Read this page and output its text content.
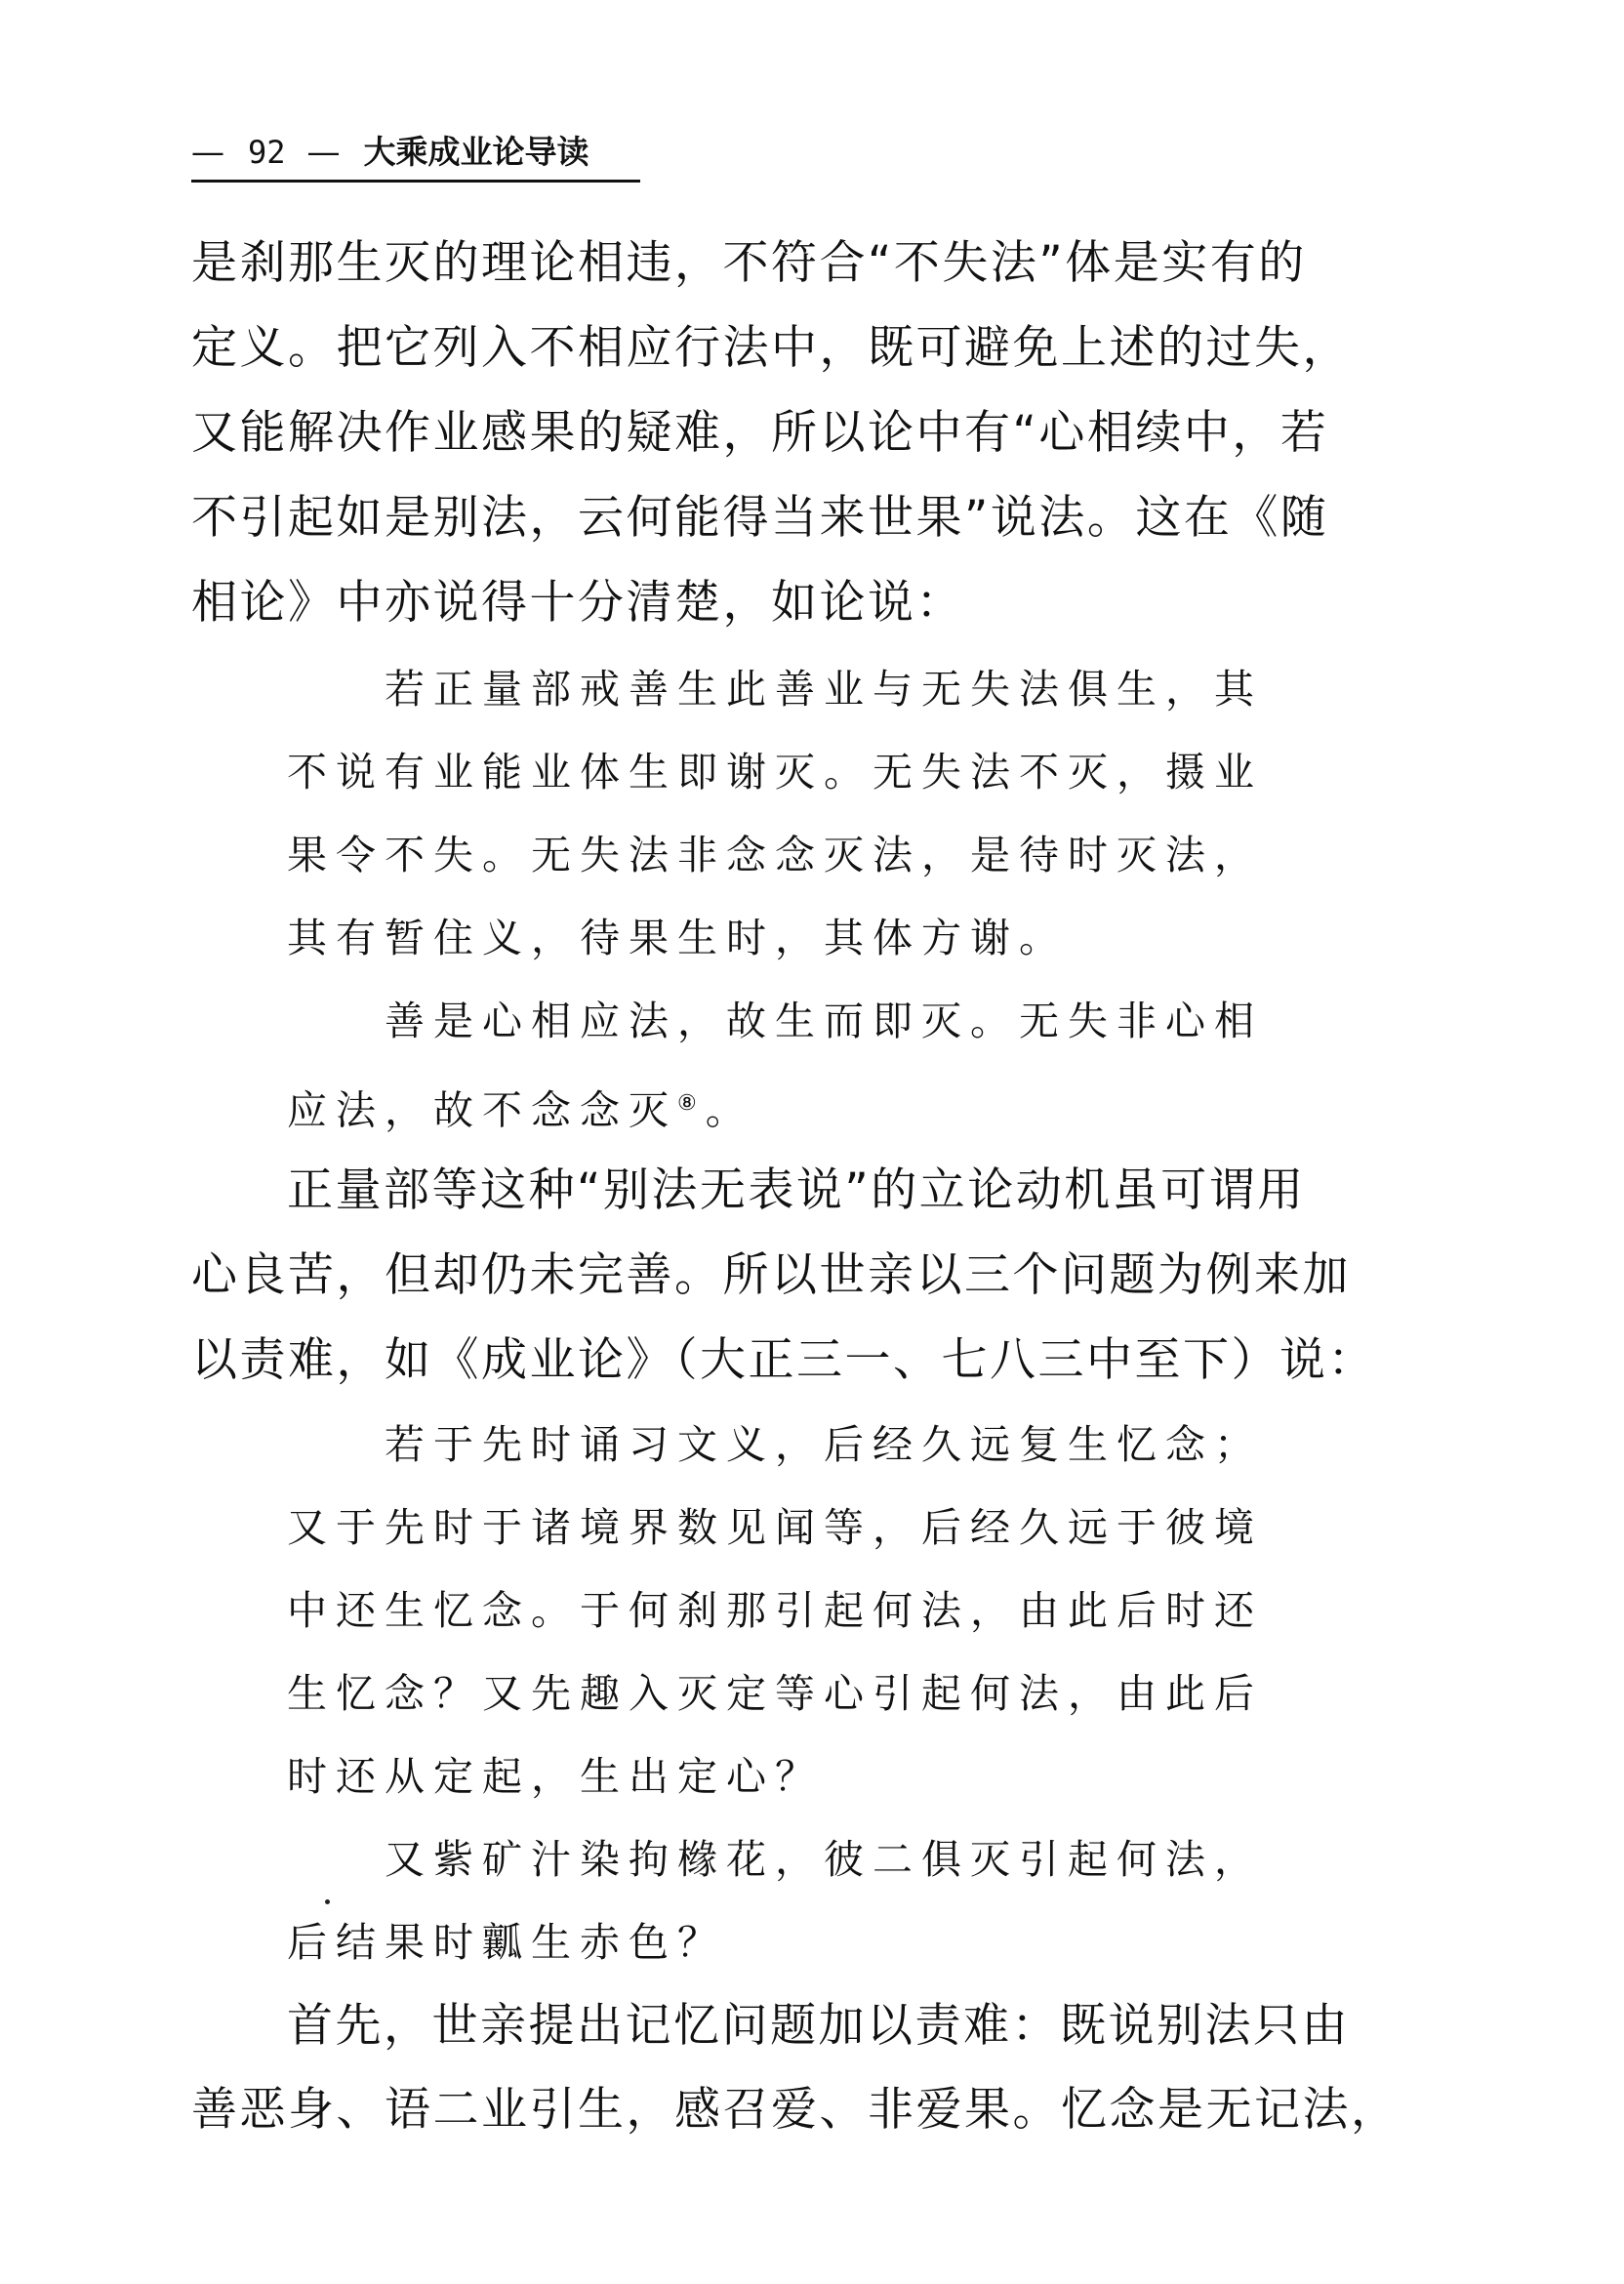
— 92 — 大乘成业论导读
是刹那生灭的理论相违，不符合“不失法”体是实有的
定义。把它列入不相应行法中，既可避免上述的过失，
又能解决作业感果的疑难，所以论中有“心相续中，若
不引起如是别法，云何能得当来世果”说法。这在《随
相论》中亦说得十分清楚，如论说：
若正量部戒善生此善业与无失法俱生，其
不说有业能业体生即谢灭。无失法不灭，摄业
果令不失。无失法非念念灭法，是待时灭法，
其有暂住义，待果生时，其体方谢。
善是心相应法，故生而即灭。无失非心相
应法，故不念念灭⑧。
正量部等这种“别法无表说”的立论动机虽可谓用
心良苦，但却仍未完善。所以世亲以三个问题为例来加
以责难，如《成业论》（大正三一、七八三中至下）说：
若于先时诵习文义，后经久远复生忆念；
又于先时于诸境界数见闻等，后经久远于彼境
中还生忆念。于何刹那引起何法，由此后时还
生忆念？又先趣入灭定等心引起何法，由此后
时还从定起，生出定心？
又紫矿汁染拘橼花，彼二俱灭引起何法，
后结果时瓤生赤色？
首先，世亲提出记忆问题加以责难：既说别法只由
善恶身、语二业引生，感召爱、非爱果。忆念是无记法，
